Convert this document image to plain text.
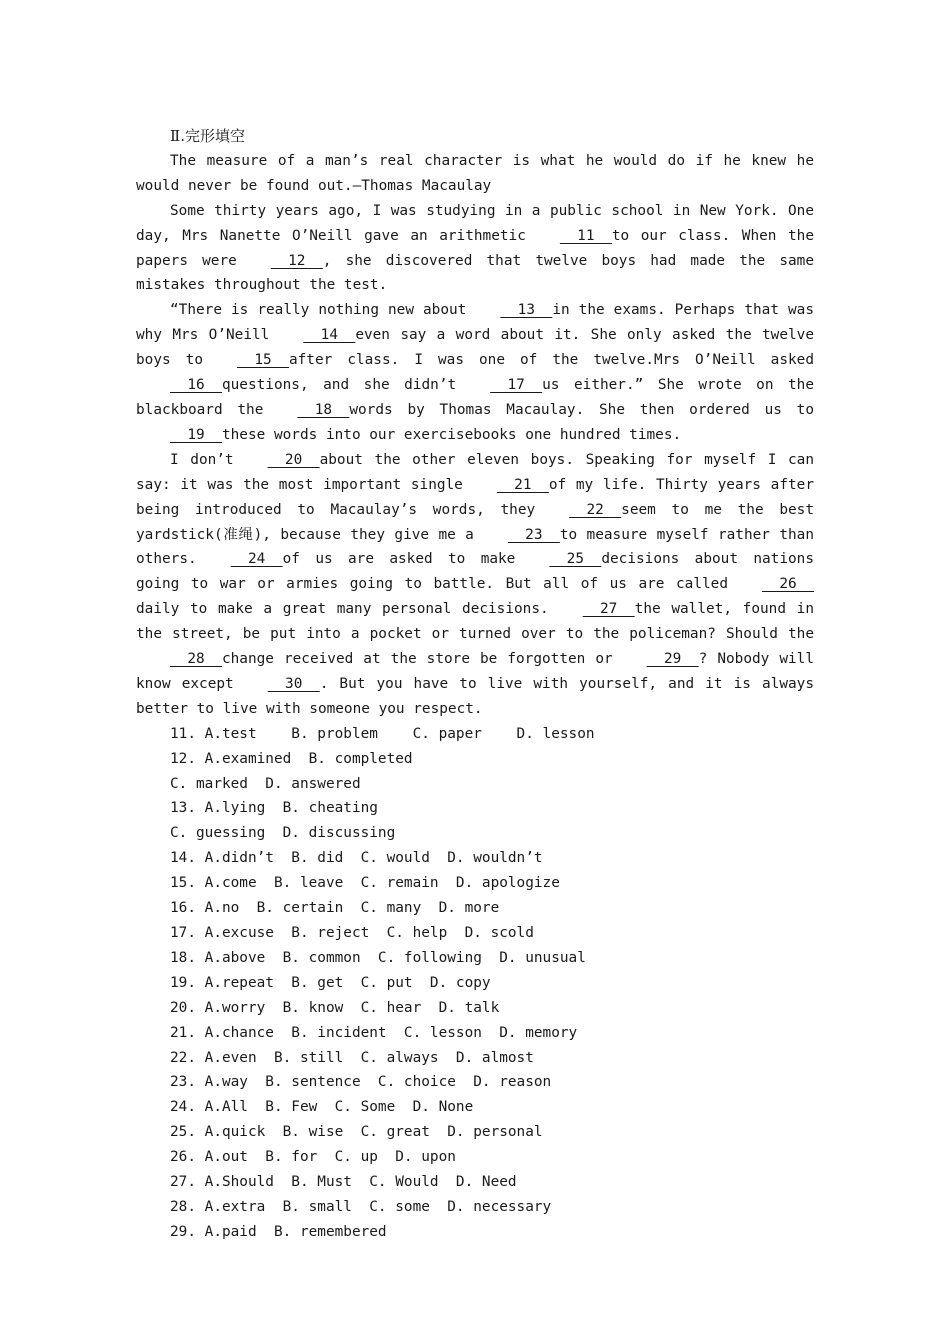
Ⅱ.完形填空

The measure of a man’s real character is what he would do if he knew he would never be found out.—Thomas Macaulay

Some thirty years ago, I was studying in a public school in New York. One day, Mrs Nanette O’Neill gave an arithmetic  11  to our class. When the papers were  12  , she discovered that twelve boys had made the same mistakes throughout the test.

“There is really nothing new about  13  in the exams. Perhaps that was why Mrs O’Neill  14  even say a word about it. She only asked the twelve boys to  15  after class. I was one of the twelve.Mrs O’Neill asked  16  questions, and she didn’t  17  us either.” She wrote on the blackboard the  18  words by Thomas Macaulay. She then ordered us to  19  these words into our exercisebooks one hundred times.

I don’t  20  about the other eleven boys. Speaking for myself I can say: it was the most important single  21  of my life. Thirty years after being introduced to Macaulay’s words, they  22  seem to me the best yardstick(准绳), because they give me a  23  to measure myself rather than others.  24  of us are asked to make  25  decisions about nations going to war or armies going to battle. But all of us are called  26  daily to make a great many personal decisions.  27  the wallet, found in the street, be put into a pocket or turned over to the policeman? Should the  28  change received at the store be forgotten or  29  ? Nobody will know except  30  . But you have to live with yourself, and it is always better to live with someone you respect.

11. A.test    B. problem    C. paper    D. lesson

12. A.examined  B. completed

C. marked  D. answered

13. A.lying  B. cheating

C. guessing  D. discussing

14. A.didn’t  B. did  C. would  D. wouldn’t

15. A.come  B. leave  C. remain  D. apologize

16. A.no  B. certain  C. many  D. more

17. A.excuse  B. reject  C. help  D. scold

18. A.above  B. common  C. following  D. unusual

19. A.repeat  B. get  C. put  D. copy

20. A.worry  B. know  C. hear  D. talk

21. A.chance  B. incident  C. lesson  D. memory

22. A.even  B. still  C. always  D. almost

23. A.way  B. sentence  C. choice  D. reason

24. A.All  B. Few  C. Some  D. None

25. A.quick  B. wise  C. great  D. personal

26. A.out  B. for  C. up  D. upon

27. A.Should  B. Must  C. Would  D. Need

28. A.extra  B. small  C. some  D. necessary

29. A.paid  B. remembered
